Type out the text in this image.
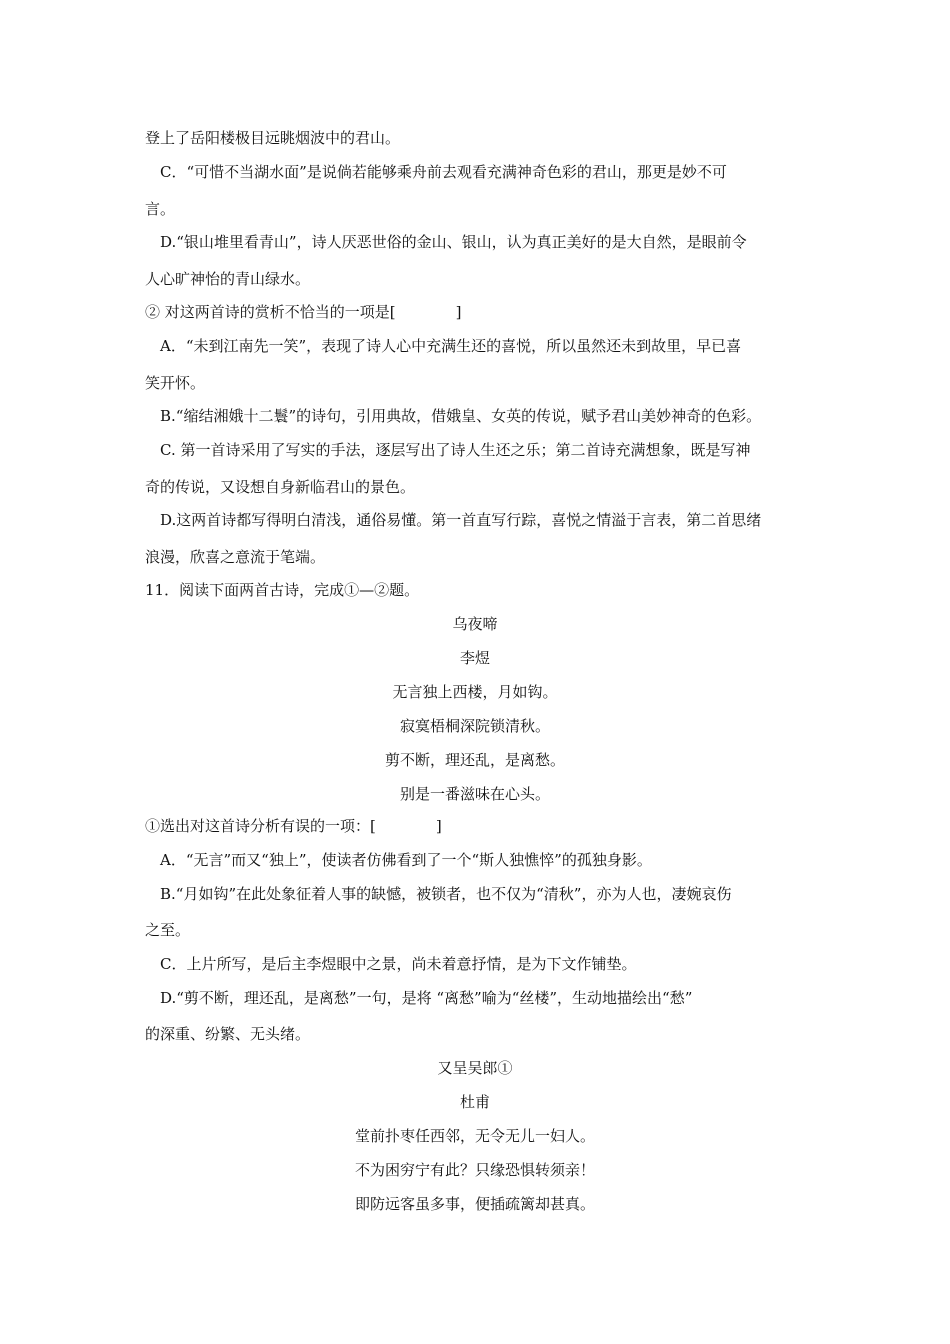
登上了岳阳楼极目远眺烟波中的君山。
C．“可惜不当湖水面”是说倘若能够乘舟前去观看充满神奇色彩的君山，那更是妙不可
言。
D.“银山堆里看青山”，诗人厌恶世俗的金山、银山，认为真正美好的是大自然，是眼前令
人心旷神怡的青山绿水。
② 对这两首诗的赏析不恰当的一项是[　　　　]
A．“未到江南先一笑”，表现了诗人心中充满生还的喜悦，所以虽然还未到故里，早已喜
笑开怀。
B.“缩结湘娥十二鬟”的诗句，引用典故，借娥皇、女英的传说，赋予君山美妙神奇的色彩。
C. 第一首诗采用了写实的手法，逐层写出了诗人生还之乐；第二首诗充满想象，既是写神
奇的传说，又设想自身新临君山的景色。
D.这两首诗都写得明白清浅，通俗易懂。第一首直写行踪，喜悦之情溢于言表，第二首思绪
浪漫，欣喜之意流于笔端。
11．阅读下面两首古诗，完成①—②题。
乌夜啼
李煜
无言独上西楼，月如钩。
寂寞梧桐深院锁清秋。
剪不断，理还乱，是离愁。
别是一番滋味在心头。
①选出对这首诗分析有误的一项：[　　　　]
A．“无言”而又“独上”，使读者仿佛看到了一个“斯人独憔悴”的孤独身影。
B.“月如钩”在此处象征着人事的缺憾，被锁者，也不仅为“清秋”，亦为人也，凄婉哀伤
之至。
C．上片所写，是后主李煜眼中之景，尚未着意抒情，是为下文作铺垫。
D.“剪不断，理还乱，是离愁”一句，是将 “离愁”喻为“丝楼”，生动地描绘出“愁”
的深重、纷繁、无头绪。
又呈吴郎①
杜甫
堂前扑枣任西邻，无令无儿一妇人。
不为困穷宁有此？只缘恐惧转须亲！
即防远客虽多事，便插疏篱却甚真。
